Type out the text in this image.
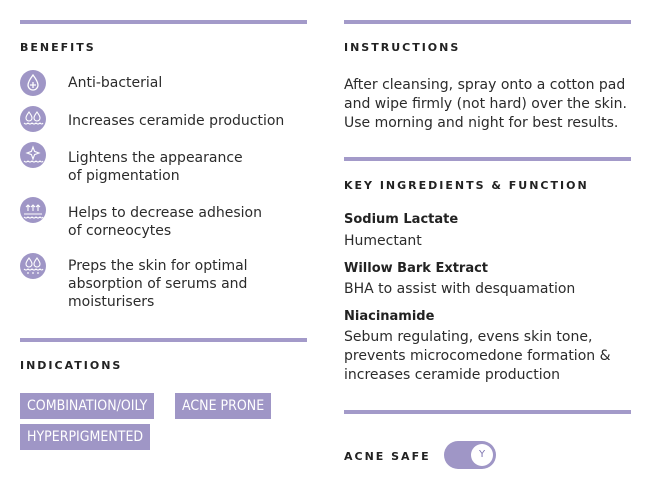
BENEFITS
Anti-bacterial
Increases ceramide production
Lightens the appearance
of pigmentation
Helps to decrease adhesion
of corneocytes
Preps the skin for optimal
absorption of serums and
moisturisers
INDICATIONS
COMBINATION/OILY	ACNE PRONE
HYPERPIGMENTED
INSTRUCTIONS
After cleansing, spray onto a cotton pad
and wipe firmly (not hard) over the skin.
Use morning and night for best results.
KEY INGREDIENTS & FUNCTION
Sodium Lactate
Humectant
Willow Bark Extract
BHA to assist with desquamation
Niacinamide
Sebum regulating, evens skin tone,
prevents microcomedone formation &
increases ceramide production
ACNE SAFE	Y
